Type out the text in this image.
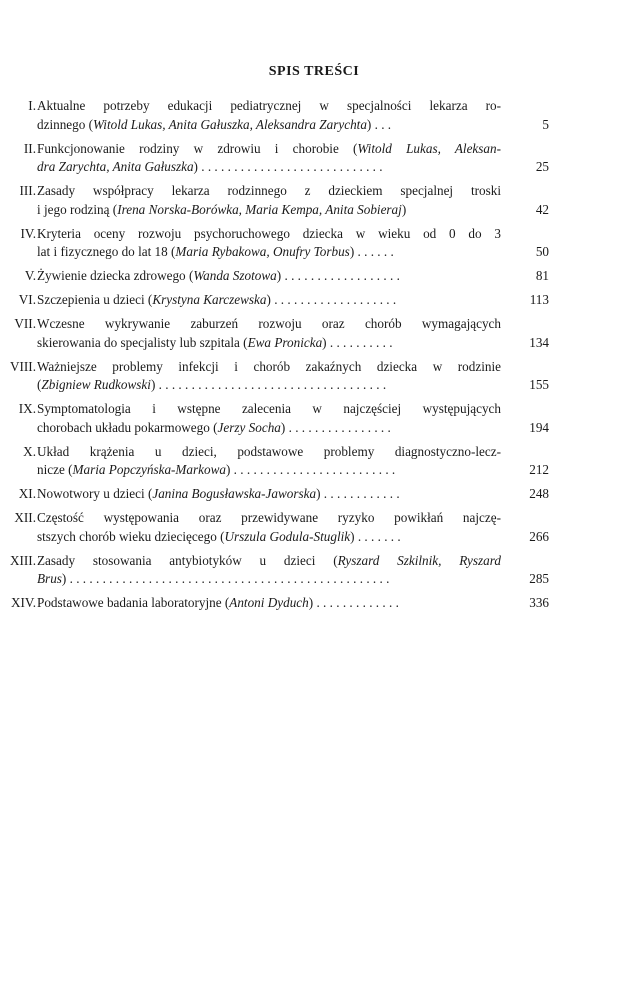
SPIS TREŚCI
I. Aktualne potrzeby edukacji pediatrycznej w specjalności lekarza ro-
dzinnego (Witold Lukas, Anita Gałuszka, Aleksandra Zarychta) . . .	5
II. Funkcjonowanie rodziny w zdrowiu i chorobie (Witold Lukas, Aleksan-
dra Zarychta, Anita Gałuszka) . . . . . . . . . . . . . . . . . . . . . . . . . . . .	25
III. Zasady współpracy lekarza rodzinnego z dzieckiem specjalnej troski
i jego rodziną (Irena Norska-Borówka, Maria Kempa, Anita Sobieraj)	42
IV. Kryteria oceny rozwoju psychoruchowego dziecka w wieku od 0 do 3
lat i fizycznego do lat 18 (Maria Rybakowa, Onufry Torbus) . . . . . .	50
V. Żywienie dziecka zdrowego (Wanda Szotowa) . . . . . . . . . . . . . . . . . .	81
VI. Szczepienia u dzieci (Krystyna Karczewska) . . . . . . . . . . . . . . . . . . .	113
VII. Wczesne wykrywanie zaburzeń rozwoju oraz chorób wymagających
skierowania do specjalisty lub szpitala (Ewa Pronicka) . . . . . . . . . .	134
VIII. Ważniejsze problemy infekcji i chorób zakaźnych dziecka w rodzinie
(Zbigniew Rudkowski) . . . . . . . . . . . . . . . . . . . . . . . . . . . . . . . . . . .	155
IX. Symptomatologia i wstępne zalecenia w najczęściej występujących
chorobach układu pokarmowego (Jerzy Socha) . . . . . . . . . . . . . . . .	194
X. Układ krążenia u dzieci, podstawowe problemy diagnostyczno-lecz-
nicze (Maria Popczyńska-Markowa) . . . . . . . . . . . . . . . . . . . . . . . . .	212
XI. Nowotwory u dzieci (Janina Bogusławska-Jaworska) . . . . . . . . . . . .	248
XII. Częstość występowania oraz przewidywane ryzyko powikłań najczę-
stszych chorób wieku dziecięcego (Urszula Godula-Stuglik) . . . . . . .	266
XIII. Zasady stosowania antybiotyków u dzieci (Ryszard Szkilnik, Ryszard
Brus) . . . . . . . . . . . . . . . . . . . . . . . . . . . . . . . . . . . . . . . . . . . . . . . . .	285
XIV. Podstawowe badania laboratoryjne (Antoni Dyduch) . . . . . . . . . . . . .	336
